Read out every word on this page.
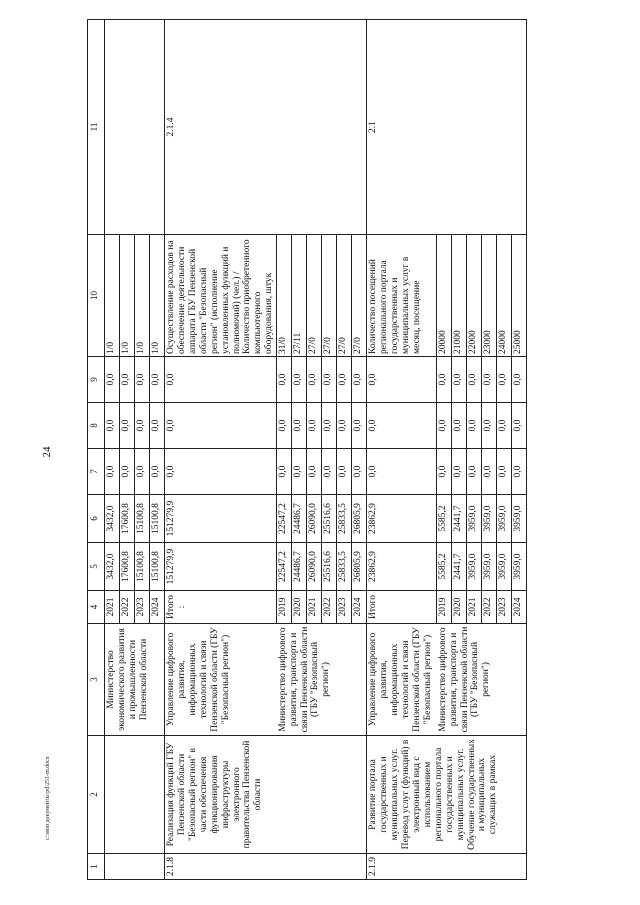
24
c:\мои документы\pd\251-m.docx
1	2	3	4	5	6	7	8	9	10	11
		Министерство экономического развития и промышленности Пензенской области	2021	3432,0	3432,0	0,0	0,0	0,0	1/0	
			2022	17600,8	17600,8	0,0	0,0	0,0	1/0	
			2023	15100,8	15100,8	0,0	0,0	0,0	1/0	
			2024	15100,8	15100,8	0,0	0,0	0,0	1/0	
2.1.8	Реализация функций ГБУ Пензенской области "Безопасный регион" в части обеспечения функционирования инфраструктуры электронного правительства Пензенской области	Управление цифрового развития, информационных технологий и связи Пензенской области (ГБУ "Безопасный регион")	Итого :	151279,9	151279,9	0,0	0,0	0,0	Осуществление расходов на обеспечение деятельности аппарата ГБУ Пензенской области "Безопасный регион" (исполнение установленных функций и полномочий) (чел.) / Количество приобретенного компьютерного оборудования, штук	2.1.4

		Министерство цифрового развития, транспорта и связи Пензенской области (ГБУ "Безопасный регион")	2019	22547,2	22547,2	0,0	0,0	0,0	31/0	
			2020	24486,7	24486,7	0,0	0,0	0,0	27/11	
			2021	26090,0	26090,0	0,0	0,0	0,0	27/0	
			2022	25516,6	25516,6	0,0	0,0	0,0	27/0	
			2023	25833,5	25833,5	0,0	0,0	0,0	27/0	
			2024	26805,9	26805,9	0,0	0,0	0,0	27/0	
2.1.9	Развитие портала государственных и муниципальных услуг. Перевод услуг (функций) в электронный вид с использованием регионального портала государственных и муниципальных услуг. Обучение государственных и муниципальных служащих в рамках	Управление цифрового развития, информационных технологий и связи Пензенской области (ГБУ "Безопасный регион")	Итого	23862,9	23862,9	0,0	0,0	0,0	Количество посещений регионального портала государственных и муниципальных услуг в месяц, посещение	2.1

		Министерство цифрового развития, транспорта и связи Пензенской области (ГБУ "Безопасный регион")	2019	5585,2	5585,2	0,0	0,0	0,0	20000	
			2020	2441,7	2441,7	0,0	0,0	0,0	21000	
			2021	3959,0	3959,0	0,0	0,0	0,0	22000	
			2022	3959,0	3959,0	0,0	0,0	0,0	23000	
			2023	3959,0	3959,0	0,0	0,0	0,0	24000	
			2024	3959,0	3959,0	0,0	0,0	0,0	25000	
